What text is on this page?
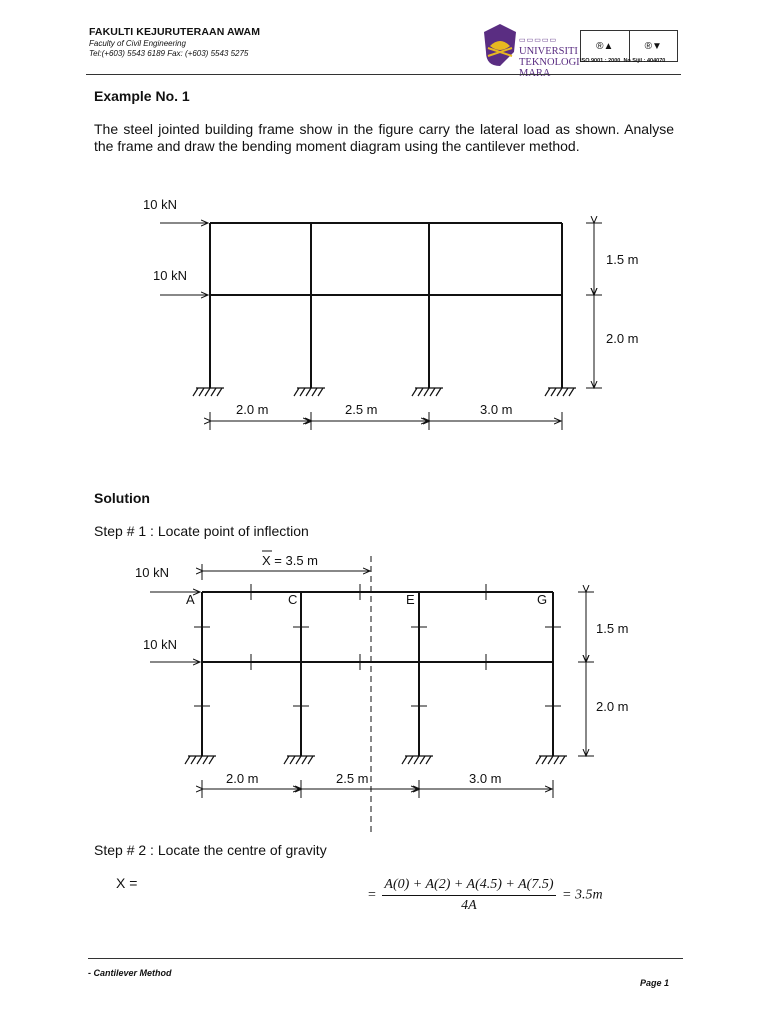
FAKULTI KEJURUTERAAN AWAM
Faculty of Civil Engineering
Tel:(+603) 5543 6189 Fax: (+603) 5543 5275
▭▭▭▭▭
UNIVERSITI
TEKNOLOGI
MARA
®▲	®▼
ISO 9001 : 2000 No Sijil : 404070
Example No. 1
The steel jointed building frame show in the figure carry the lateral load as shown. Analyse the frame and draw the bending moment diagram using the cantilever method.
10 kN
10 kN
1.5 m
2.0 m
2.0 m	2.5 m	3.0 m
Solution
Step # 1 : Locate point of inflection
X = 3.5 m
10 kN
10 kN
A	C	E	G
1.5 m
2.0 m
2.0 m	2.5 m	3.0 m
Step # 2 : Locate the centre of gravity
X =
= $\frac{A(0) + A(2) + A(4.5) + A(7.5)}{4A} = 3.5m$
- Cantilever Method
Page 1
